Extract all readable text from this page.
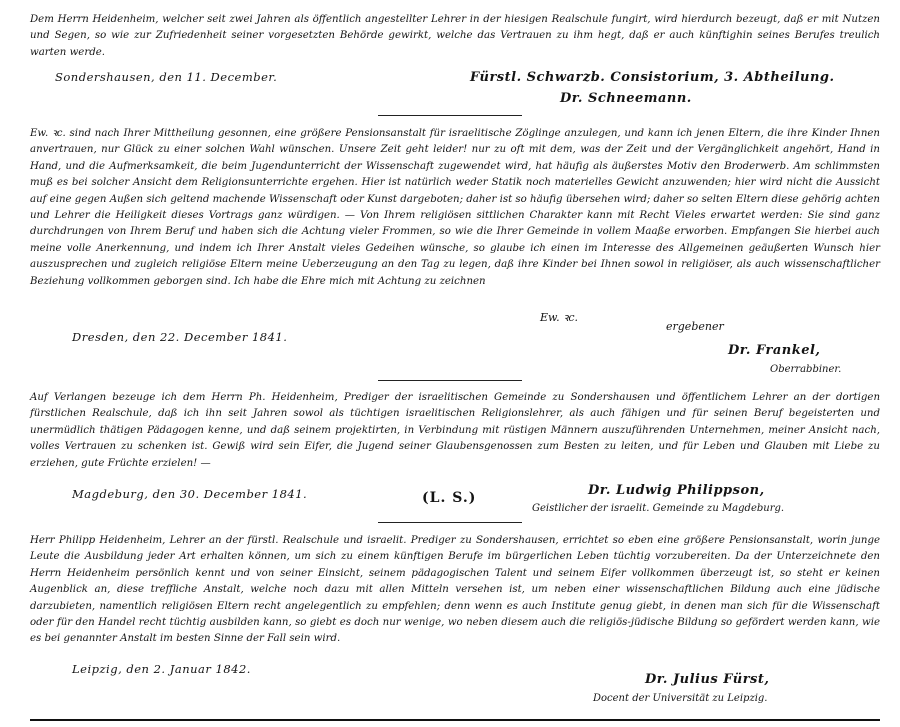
Dem Herrn Heidenheim, welcher seit zwei Jahren als öffentlich angestellter Lehrer in der hiesigen Realschule fungirt, wird hierdurch bezeugt, daß er mit Nutzen und Segen, so wie zur Zufriedenheit seiner vorgesetzten Behörde gewirkt, welche das Vertrauen zu ihm hegt, daß er auch künftighin seines Berufes treulich warten werde.

Sondershausen, den 11. December.	Fürstl. Schwarzb. Consistorium, 3. Abtheilung.
Dr. Schneemann.

Ew. ꝛc. sind nach Ihrer Mittheilung gesonnen, eine größere Pensionsanstalt für israelitische Zöglinge anzulegen, und kann ich jenen Eltern, die ihre Kinder Ihnen anvertrauen, nur Glück zu einer solchen Wahl wünschen. Unsere Zeit geht leider! nur zu oft mit dem, was der Zeit und der Vergänglichkeit angehört, Hand in Hand, und die Aufmerksamkeit, die beim Jugendunterricht der Wissenschaft zugewendet wird, hat häufig als äußerstes Motiv den Broderwerb. Am schlimmsten muß es bei solcher Ansicht dem Religionsunterrichte ergehen. Hier ist natürlich weder Statik noch materielles Gewicht anzuwenden; hier wird nicht die Aussicht auf eine gegen Außen sich geltend machende Wissenschaft oder Kunst dargeboten; daher ist so häufig übersehen wird; daher so selten Eltern diese gehörig achten und Lehrer die Heiligkeit dieses Vortrags ganz würdigen. — Von Ihrem religiösen sittlichen Charakter kann mit Recht Vieles erwartet werden: Sie sind ganz durchdrungen von Ihrem Beruf und haben sich die Achtung vieler Frommen, so wie die Ihrer Gemeinde in vollem Maaße erworben. Empfangen Sie hierbei auch meine volle Anerkennung, und indem ich Ihrer Anstalt vieles Gedeihen wünsche, so glaube ich einen im Interesse des Allgemeinen geäußerten Wunsch hier auszusprechen und zugleich religiöse Eltern meine Ueberzeugung an den Tag zu legen, daß ihre Kinder bei Ihnen sowol in religiöser, als auch wissenschaftlicher Beziehung vollkommen geborgen sind. Ich habe die Ehre mich mit Achtung zu zeichnen

Ew. ꝛc.
ergebener
Dresden, den 22. December 1841.
Dr. Frankel,
Oberrabbiner.

Auf Verlangen bezeuge ich dem Herrn Ph. Heidenheim, Prediger der israelitischen Gemeinde zu Sondershausen und öffentlichem Lehrer an der dortigen fürstlichen Realschule, daß ich ihn seit Jahren sowol als tüchtigen israelitischen Religionslehrer, als auch fähigen und für seinen Beruf begeisterten und unermüdlich thätigen Pädagogen kenne, und daß seinem projektirten, in Verbindung mit rüstigen Männern auszuführenden Unternehmen, meiner Ansicht nach, volles Vertrauen zu schenken ist. Gewiß wird sein Eifer, die Jugend seiner Glaubensgenossen zum Besten zu leiten, und für Leben und Glauben mit Liebe zu erziehen, gute Früchte erzielen! —

Magdeburg, den 30. December 1841.	(L. S.)	Dr. Ludwig Philippson,
Geistlicher der israelit. Gemeinde zu Magdeburg.

Herr Philipp Heidenheim, Lehrer an der fürstl. Realschule und israelit. Prediger zu Sondershausen, errichtet so eben eine größere Pensionsanstalt, worin junge Leute die Ausbildung jeder Art erhalten können, um sich zu einem künftigen Berufe im bürgerlichen Leben tüchtig vorzubereiten. Da der Unterzeichnete den Herrn Heidenheim persönlich kennt und von seiner Einsicht, seinem pädagogischen Talent und seinem Eifer vollkommen überzeugt ist, so steht er keinen Augenblick an, diese treffliche Anstalt, welche noch dazu mit allen Mitteln versehen ist, um neben einer wissenschaftlichen Bildung auch eine jüdische darzubieten, namentlich religiösen Eltern recht angelegentlich zu empfehlen; denn wenn es auch Institute genug giebt, in denen man sich für die Wissenschaft oder für den Handel recht tüchtig ausbilden kann, so giebt es doch nur wenige, wo neben diesem auch die religiös-jüdische Bildung so gefördert werden kann, wie es bei genannter Anstalt im besten Sinne der Fall sein wird.

Leipzig, den 2. Januar 1842.
Dr. Julius Fürst,
Docent der Universität zu Leipzig.
